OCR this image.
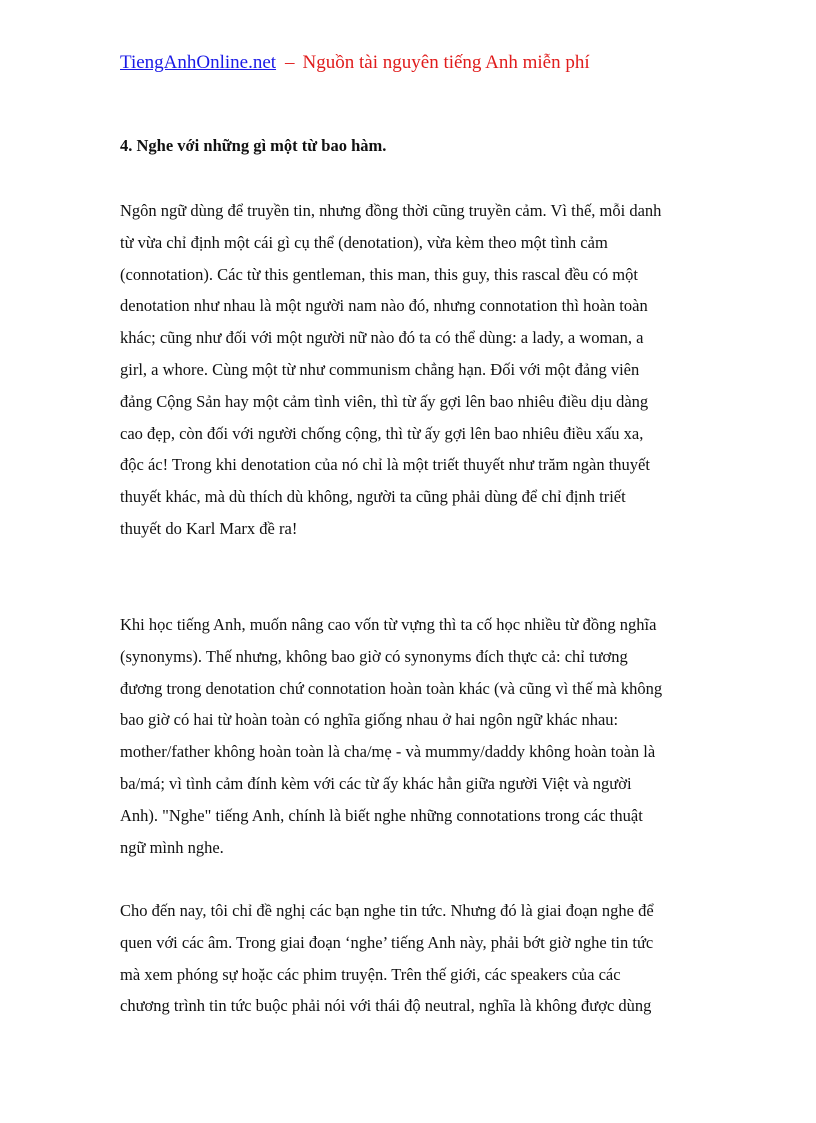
TiengAnhOnline.net – Nguồn tài nguyên tiếng Anh miễn phí
4. Nghe với những gì một từ bao hàm.
Ngôn ngữ dùng để truyền tin, nhưng đồng thời cũng truyền cảm. Vì thế, mỗi danh
từ vừa chỉ định một cái gì cụ thể (denotation), vừa kèm theo một tình cảm
(connotation). Các từ this gentleman, this man, this guy, this rascal đều có một
denotation như nhau là một người nam nào đó, nhưng connotation thì hoàn toàn
khác; cũng như đối với một người nữ nào đó ta có thể dùng: a lady, a woman, a
girl, a whore. Cùng một từ như communism chẳng hạn. Đối với một đảng viên
đảng Cộng Sản hay một cảm tình viên, thì từ ấy gợi lên bao nhiêu điều dịu dàng
cao đẹp, còn đối với người chống cộng, thì từ ấy gợi lên bao nhiêu điều xấu xa,
độc ác! Trong khi denotation của nó chỉ là một triết thuyết như trăm ngàn thuyết
thuyết khác, mà dù thích dù không, người ta cũng phải dùng để chỉ định triết
thuyết do Karl Marx đề ra!
Khi học tiếng Anh, muốn nâng cao vốn từ vựng thì ta cố học nhiều từ đồng nghĩa
(synonyms). Thế nhưng, không bao giờ có synonyms đích thực cả: chỉ tương
đương trong denotation chứ connotation hoàn toàn khác (và cũng vì thế mà không
bao giờ có hai từ hoàn toàn có nghĩa giống nhau ở hai ngôn ngữ khác nhau:
mother/father không hoàn toàn là cha/mẹ - và mummy/daddy không hoàn toàn là
ba/má; vì tình cảm đính kèm với các từ ấy khác hẳn giữa người Việt và người
Anh). "Nghe" tiếng Anh, chính là biết nghe những connotations trong các thuật
ngữ mình nghe.
Cho đến nay, tôi chỉ đề nghị các bạn nghe tin tức. Nhưng đó là giai đoạn nghe để
quen với các âm. Trong giai đoạn ‘nghe’ tiếng Anh này, phải bớt giờ nghe tin tức
mà xem phóng sự hoặc các phim truyện. Trên thế giới, các speakers của các
chương trình tin tức buộc phải nói với thái độ neutral, nghĩa là không được dùng
